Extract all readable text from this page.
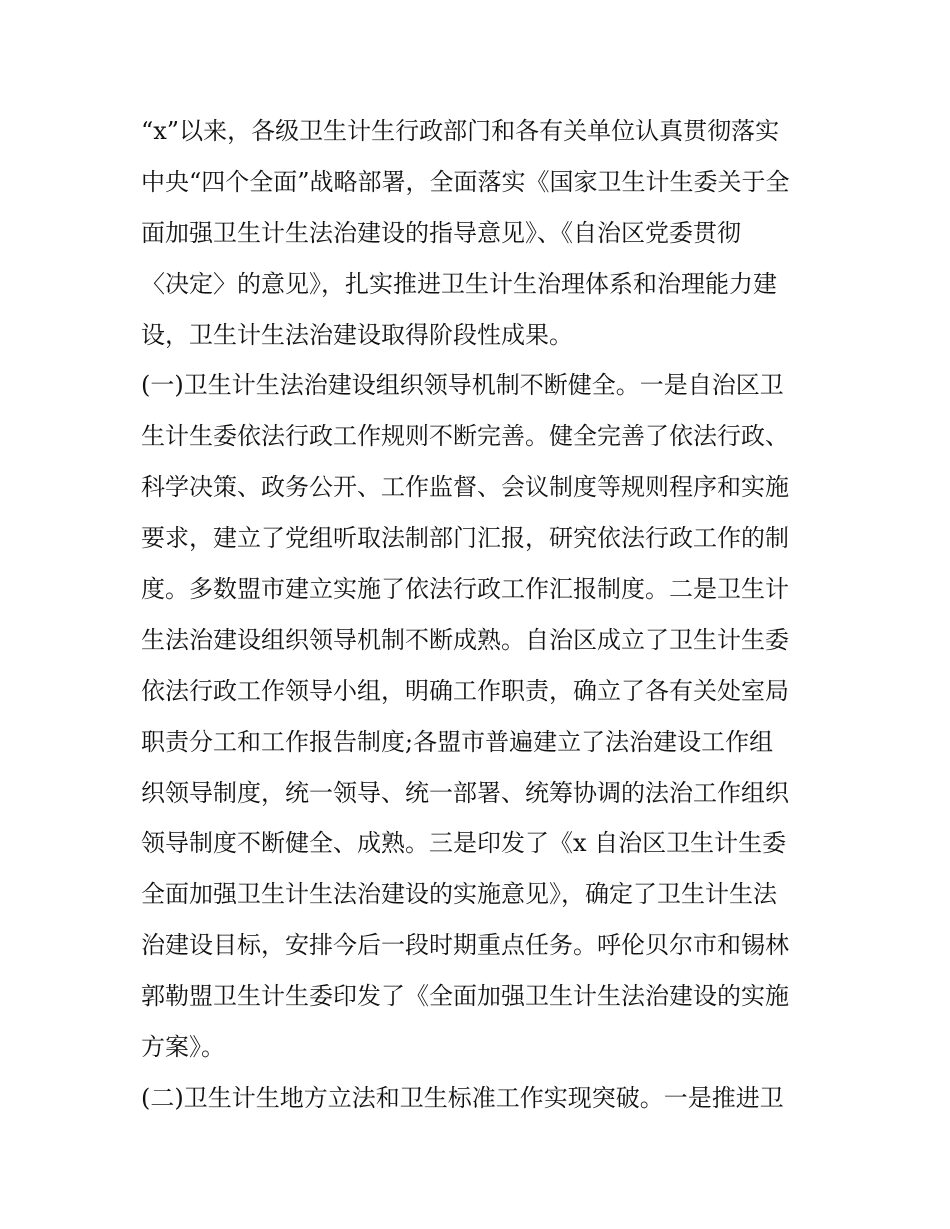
“x”以来，各级卫生计生行政部门和各有关单位认真贯彻落实
中央“四个全面”战略部署，全面落实《国家卫生计生委关于全
面加强卫生计生法治建设的指导意见》、《自治区党委贯彻
〈决定〉的意见》，扎实推进卫生计生治理体系和治理能力建
设，卫生计生法治建设取得阶段性成果。
(一)卫生计生法治建设组织领导机制不断健全。一是自治区卫
生计生委依法行政工作规则不断完善。健全完善了依法行政、
科学决策、政务公开、工作监督、会议制度等规则程序和实施
要求，建立了党组听取法制部门汇报，研究依法行政工作的制
度。多数盟市建立实施了依法行政工作汇报制度。二是卫生计
生法治建设组织领导机制不断成熟。自治区成立了卫生计生委
依法行政工作领导小组，明确工作职责，确立了各有关处室局
职责分工和工作报告制度;各盟市普遍建立了法治建设工作组
织领导制度，统一领导、统一部署、统筹协调的法治工作组织
领导制度不断健全、成熟。三是印发了《x 自治区卫生计生委
全面加强卫生计生法治建设的实施意见》，确定了卫生计生法
治建设目标，安排今后一段时期重点任务。呼伦贝尔市和锡林
郭勒盟卫生计生委印发了《全面加强卫生计生法治建设的实施
方案》。
(二)卫生计生地方立法和卫生标准工作实现突破。一是推进卫
